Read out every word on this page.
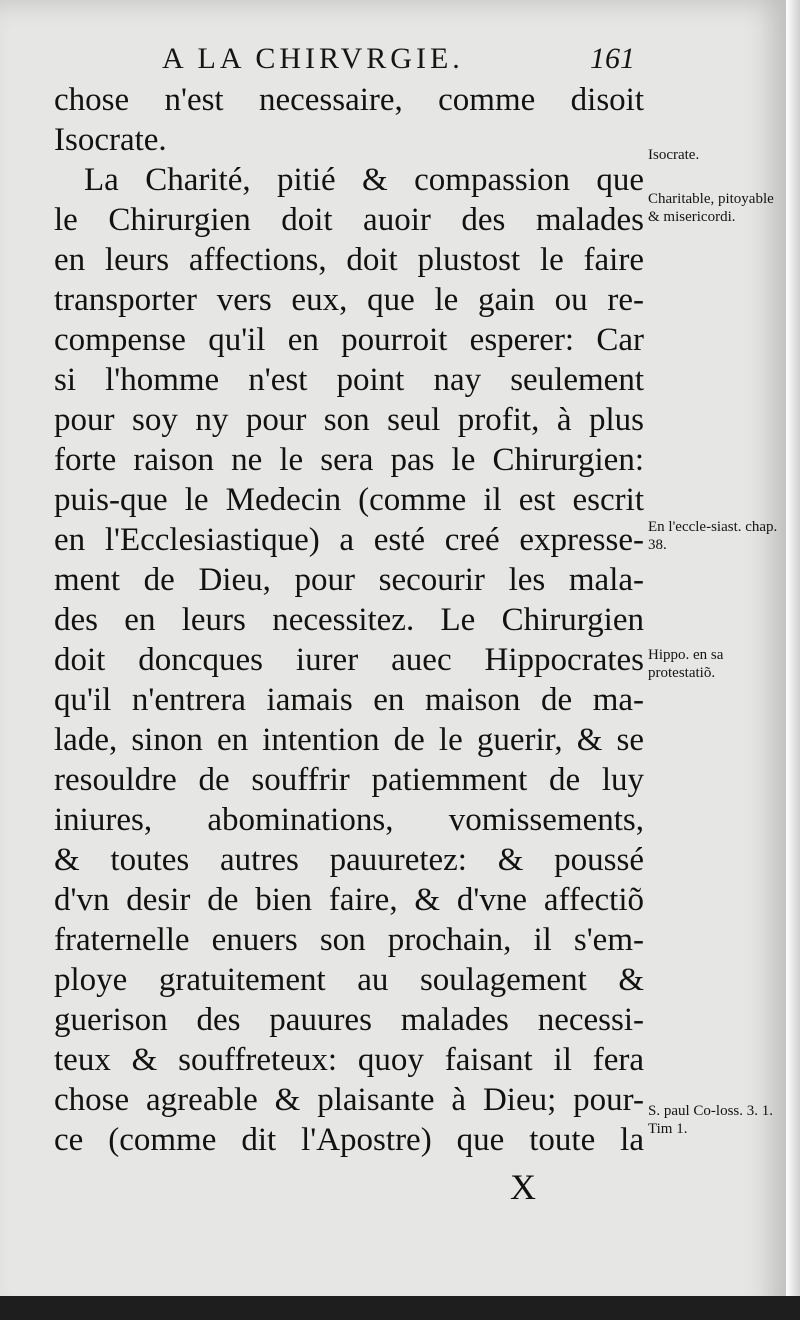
A LA CHIRVRGIE.	161
chose n'est necessaire, comme disoit
Isocrate.
La Charité, pitié & compassion que
le Chirurgien doit auoir des malades
en leurs affections, doit plustost le faire
transporter vers eux, que le gain ou re-
compense qu'il en pourroit esperer: Car
si l'homme n'est point nay seulement
pour soy ny pour son seul profit, à plus
forte raison ne le sera pas le Chirurgien:
puis-que le Medecin (comme il est escrit
en l'Ecclesiastique) a esté creé expresse-
ment de Dieu, pour secourir les mala-
des en leurs necessitez. Le Chirurgien
doit doncques iurer auec Hippocrates
qu'il n'entrera iamais en maison de ma-
lade, sinon en intention de le guerir, & se
resouldre de souffrir patiemment de luy
iniures, abominations, vomissements,
& toutes autres pauuretez: & poussé
d'vn desir de bien faire, & d'vne affectiõ
fraternelle enuers son prochain, il s'em-
ploye gratuitement au soulagement &
guerison des pauures malades necessi-
teux & souffreteux: quoy faisant il fera
chose agreable & plaisante à Dieu; pour-
ce (comme dit l'Apostre) que toute la
Isocrate.
Charitable, pitoyable & misericordi.
En l'eccle-siast. chap. 38.
Hippo. en sa protestatiõ.
S. paul Co-loss. 3. 1. Tim 1.
X
